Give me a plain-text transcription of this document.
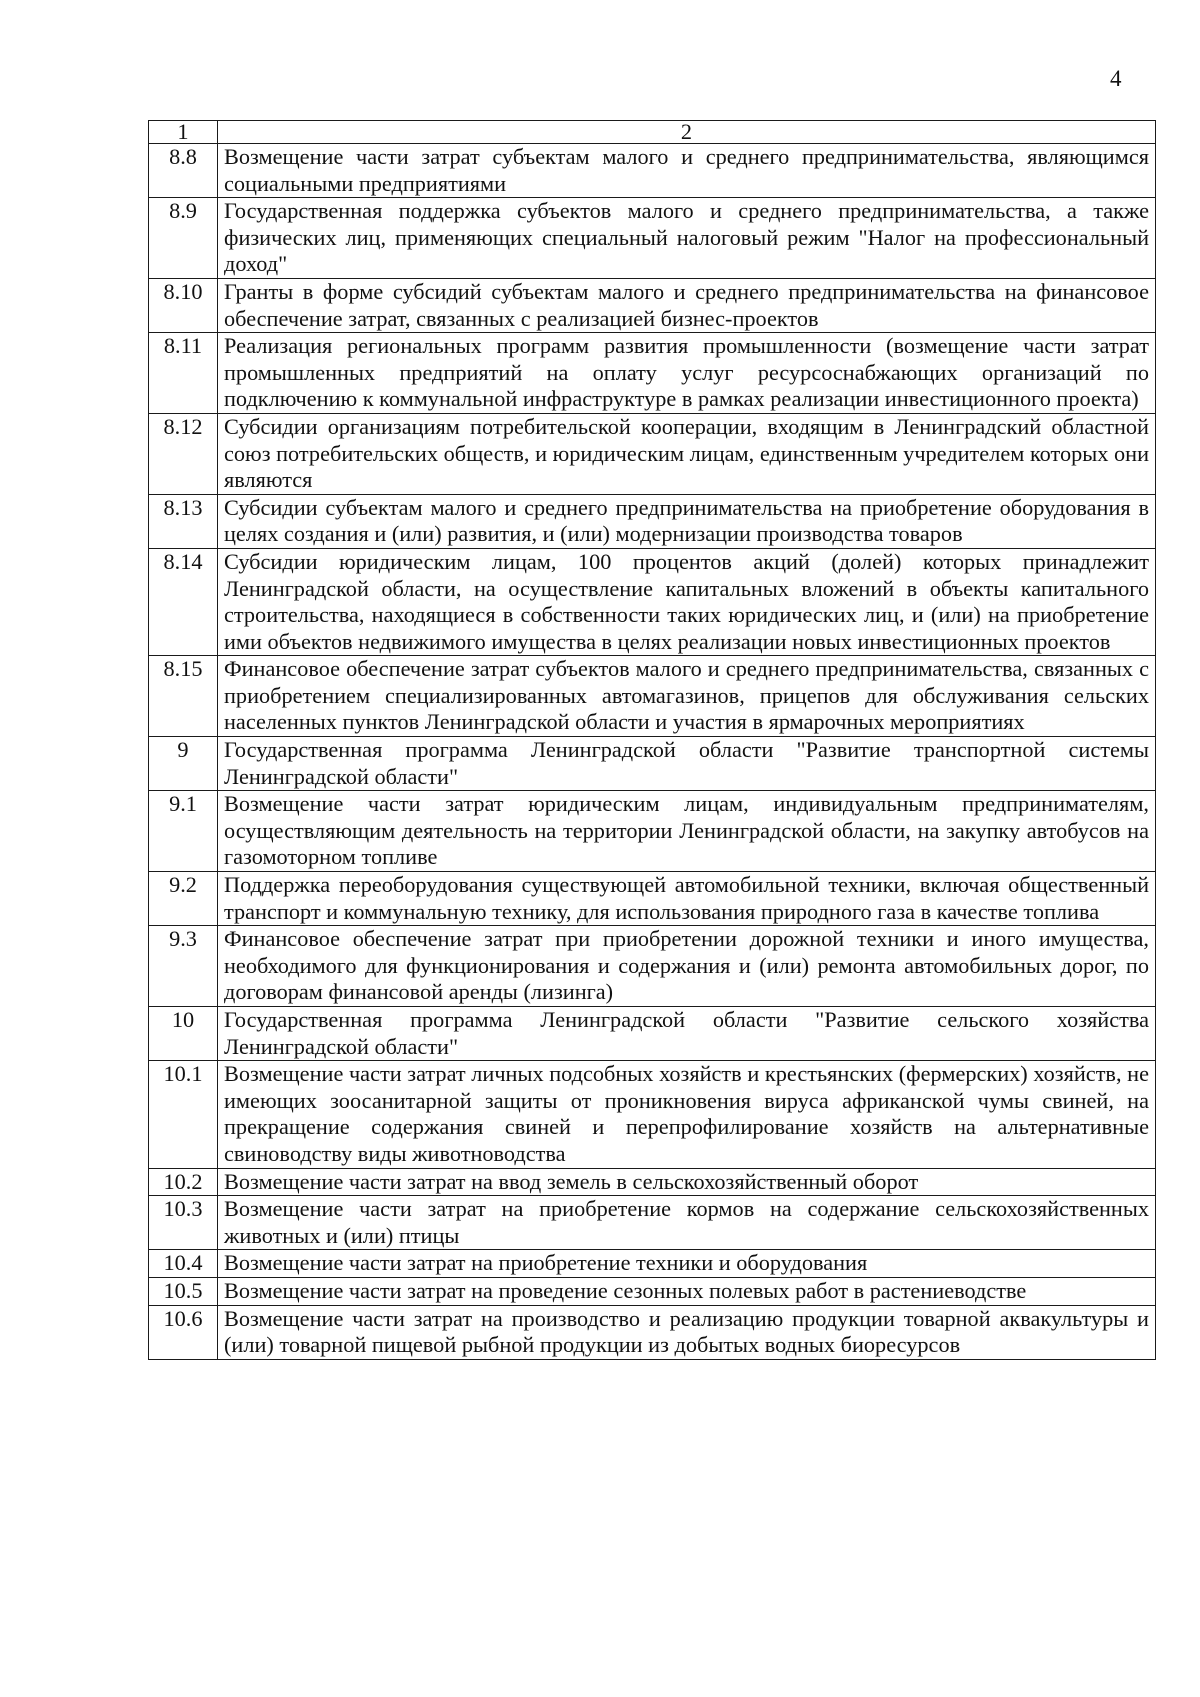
4
1	2
8.8	Возмещение части затрат субъектам малого и среднего предпринимательства, являющимся социальными предприятиями
8.9	Государственная поддержка субъектов малого и среднего предпринимательства, а также физических лиц, применяющих специальный налоговый режим "Налог на профессиональный доход"
8.10	Гранты в форме субсидий субъектам малого и среднего предпринимательства на финансовое обеспечение затрат, связанных с реализацией бизнес-проектов
8.11	Реализация региональных программ развития промышленности (возмещение части затрат промышленных предприятий на оплату услуг ресурсоснабжающих организаций по подключению к коммунальной инфраструктуре в рамках реализации инвестиционного проекта)
8.12	Субсидии организациям потребительской кооперации, входящим в Ленинградский областной союз потребительских обществ, и юридическим лицам, единственным учредителем которых они являются
8.13	Субсидии субъектам малого и среднего предпринимательства на приобретение оборудования в целях создания и (или) развития, и (или) модернизации производства товаров
8.14	Субсидии юридическим лицам, 100 процентов акций (долей) которых принадлежит Ленинградской области, на осуществление капитальных вложений в объекты капитального строительства, находящиеся в собственности таких юридических лиц, и (или) на приобретение ими объектов недвижимого имущества в целях реализации новых инвестиционных проектов
8.15	Финансовое обеспечение затрат субъектов малого и среднего предпринимательства, связанных с приобретением специализированных автомагазинов, прицепов для обслуживания сельских населенных пунктов Ленинградской области и участия в ярмарочных мероприятиях
9	Государственная программа Ленинградской области "Развитие транспортной системы Ленинградской области"
9.1	Возмещение части затрат юридическим лицам, индивидуальным предпринимателям, осуществляющим деятельность на территории Ленинградской области, на закупку автобусов на газомоторном топливе
9.2	Поддержка переоборудования существующей автомобильной техники, включая общественный транспорт и коммунальную технику, для использования природного газа в качестве топлива
9.3	Финансовое обеспечение затрат при приобретении дорожной техники и иного имущества, необходимого для функционирования и содержания и (или) ремонта автомобильных дорог, по договорам финансовой аренды (лизинга)
10	Государственная программа Ленинградской области "Развитие сельского хозяйства Ленинградской области"
10.1	Возмещение части затрат личных подсобных хозяйств и крестьянских (фермерских) хозяйств, не имеющих зоосанитарной защиты от проникновения вируса африканской чумы свиней, на прекращение содержания свиней и перепрофилирование хозяйств на альтернативные свиноводству виды животноводства
10.2	Возмещение части затрат на ввод земель в сельскохозяйственный оборот
10.3	Возмещение части затрат на приобретение кормов на содержание сельскохозяйственных животных и (или) птицы
10.4	Возмещение части затрат на приобретение техники и оборудования
10.5	Возмещение части затрат на проведение сезонных полевых работ в растениеводстве
10.6	Возмещение части затрат на производство и реализацию продукции товарной аквакультуры и (или) товарной пищевой рыбной продукции из добытых водных биоресурсов
